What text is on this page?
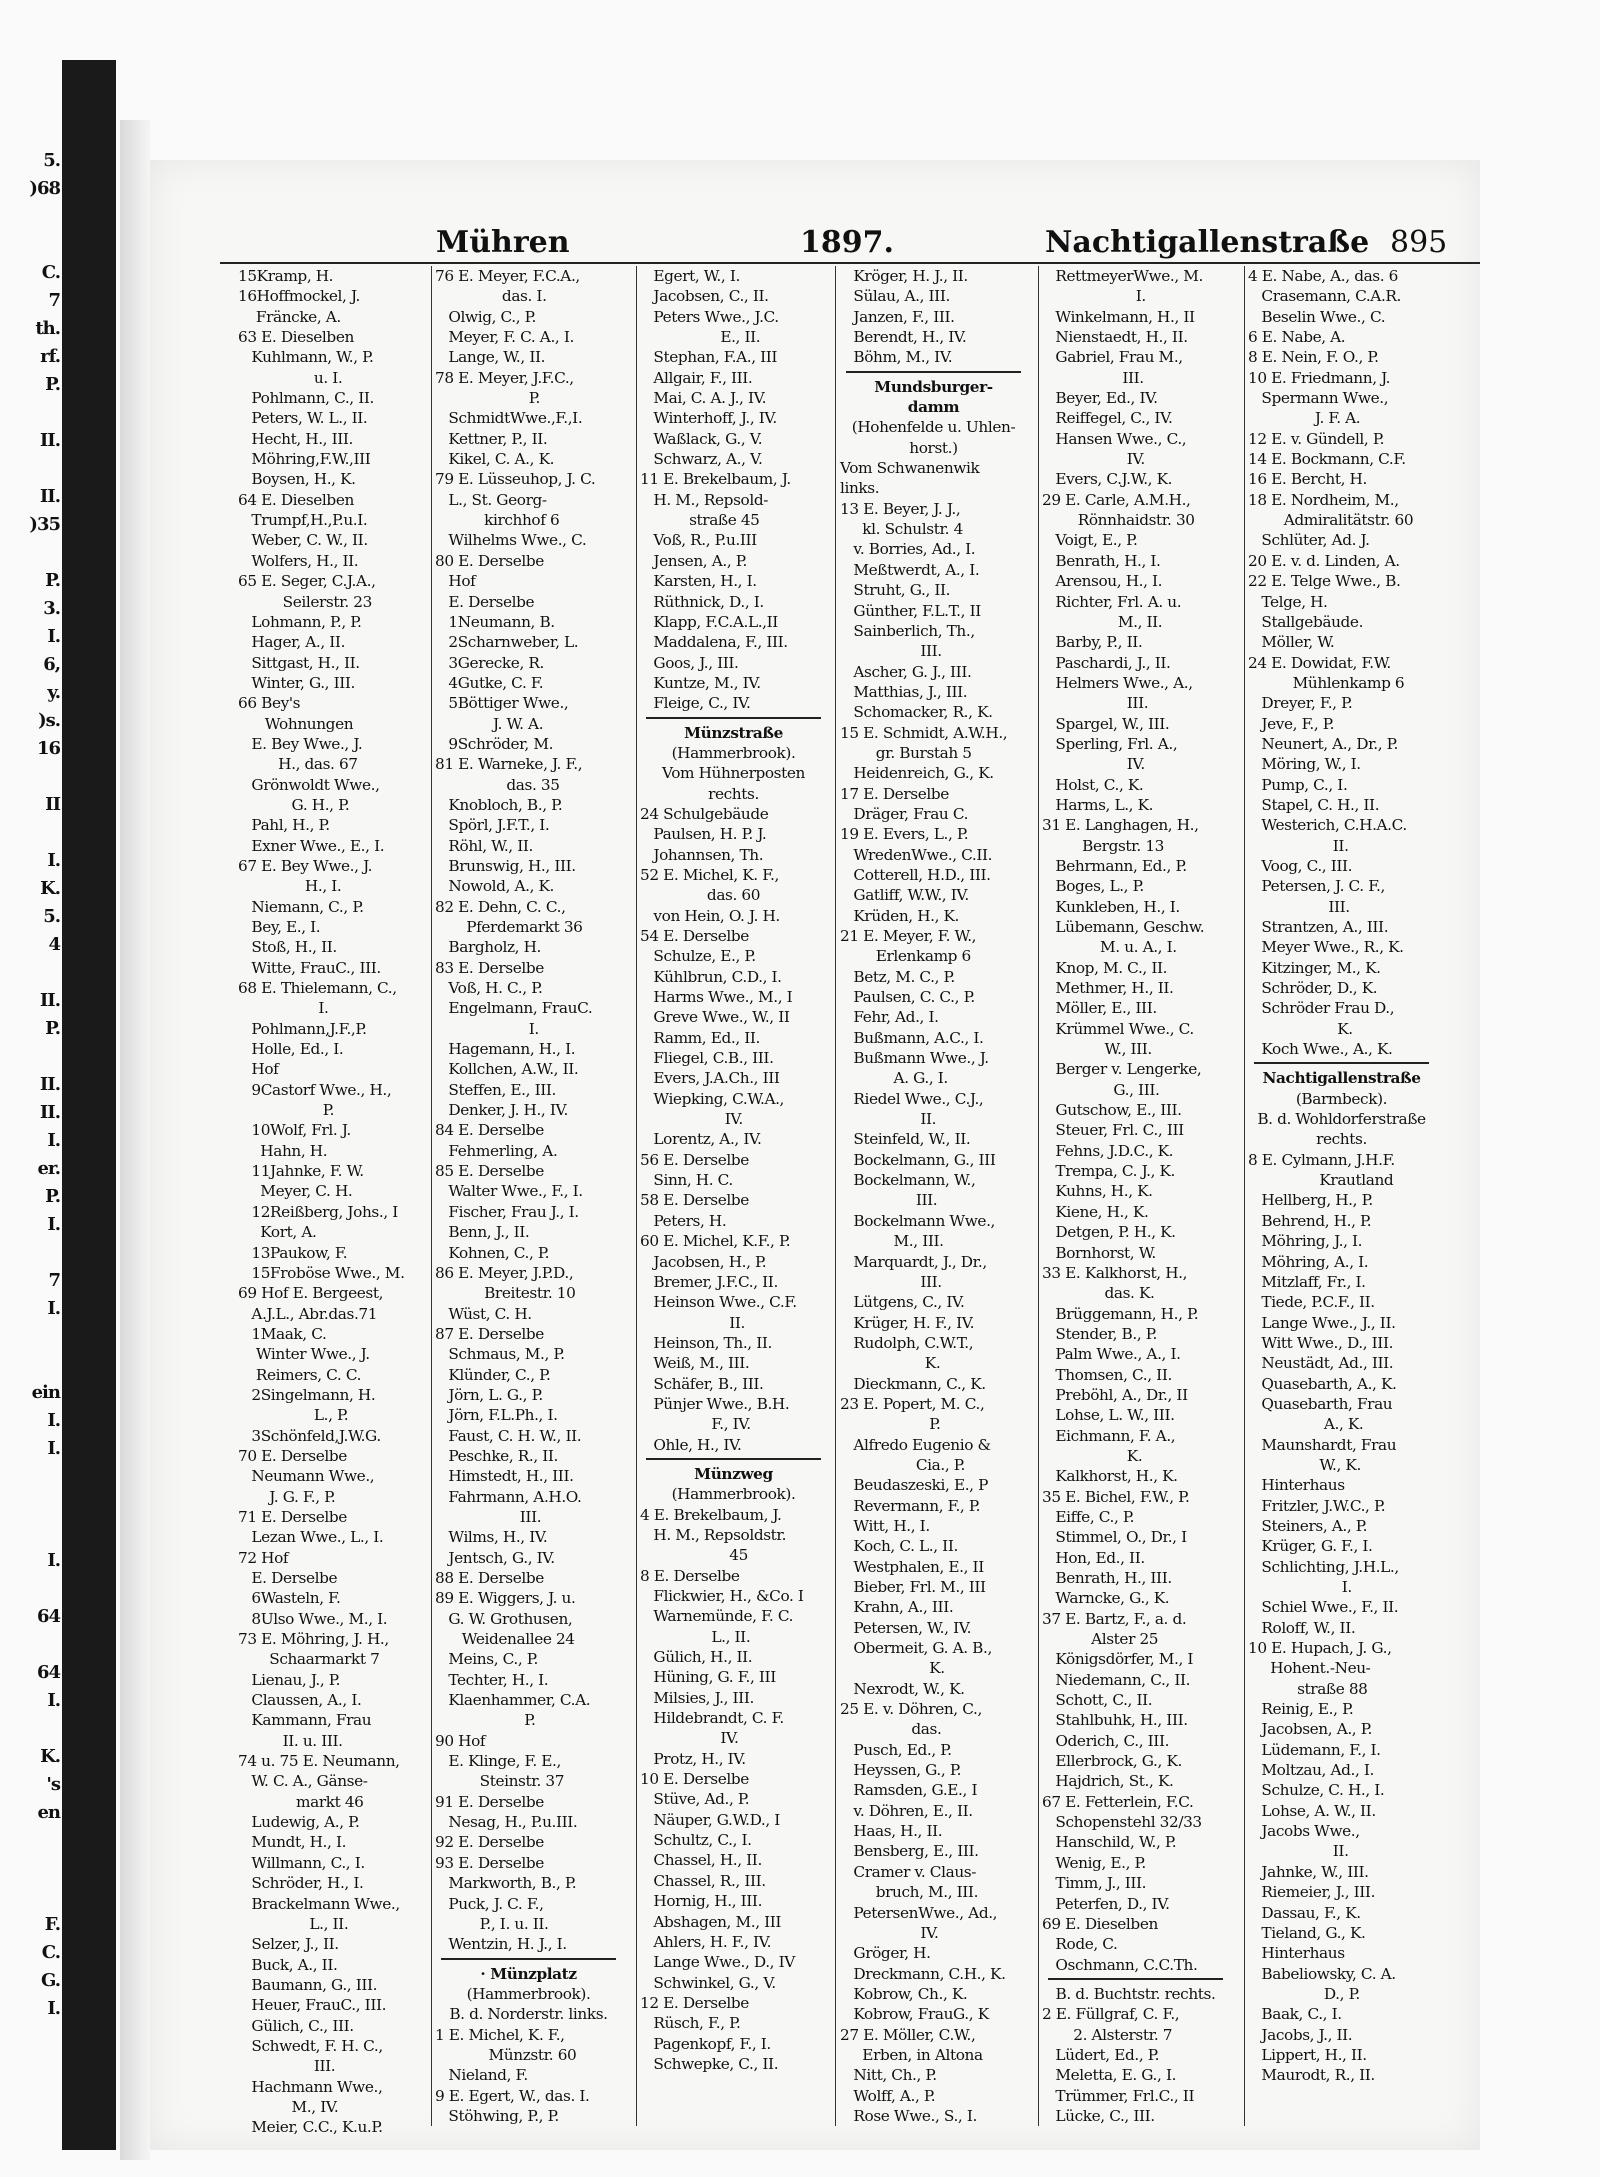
5.
)68
C.
7
th.
rf.
P.
II.
II.
)35
P.
3.
I.
6,
y.
)s.
16
II
I.
K.
5.
4
II.
P.
II.
II.
I.
er.
P.
I.
7
I.
ein
I.
I.
I.
64
64
I.
K.
's
en
F.
C.
G.
I.
Mühren	1897.	Nachtigallenstraße 895
15Kramp, H.
16Hoffmockel, J.
Fräncke, A.
63 E. Dieselben
Kuhlmann, W., P.
u. I.
Pohlmann, C., II.
Peters, W. L., II.
Hecht, H., III.
Möhring,F.W.,III
Boysen, H., K.
64 E. Dieselben
Trumpf,H.,P.u.I.
Weber, C. W., II.
Wolfers, H., II.
65 E. Seger, C.J.A.,
Seilerstr. 23
Lohmann, P., P.
Hager, A., II.
Sittgast, H., II.
Winter, G., III.
66 Bey's
Wohnungen
E. Bey Wwe., J.
H., das. 67
Grönwoldt Wwe.,
G. H., P.
Pahl, H., P.
Exner Wwe., E., I.
67 E. Bey Wwe., J.
H., I.
Niemann, C., P.
Bey, E., I.
Stoß, H., II.
Witte, FrauC., III.
68 E. Thielemann, C.,
I.
Pohlmann,J.F.,P.
Holle, Ed., I.
Hof
9Castorf Wwe., H.,
P.
10Wolf, Frl. J.
Hahn, H.
11Jahnke, F. W.
Meyer, C. H.
12Reißberg, Johs., I
Kort, A.
13Paukow, F.
15Froböse Wwe., M.
69 Hof E. Bergeest,
A.J.L., Abr.das.71
1Maak, C.
Winter Wwe., J.
Reimers, C. C.
2Singelmann, H.
L., P.
3Schönfeld,J.W.G.
70 E. Derselbe
Neumann Wwe.,
J. G. F., P.
71 E. Derselbe
Lezan Wwe., L., I.
72 Hof
E. Derselbe
6Wasteln, F.
8Ulso Wwe., M., I.
73 E. Möhring, J. H.,
Schaarmarkt 7
Lienau, J., P.
Claussen, A., I.
Kammann, Frau
II. u. III.
74 u. 75 E. Neumann,
W. C. A., Gänse-
markt 46
Ludewig, A., P.
Mundt, H., I.
Willmann, C., I.
Schröder, H., I.
Brackelmann Wwe.,
L., II.
Selzer, J., II.
Buck, A., II.
Baumann, G., III.
Heuer, FrauC., III.
Gülich, C., III.
Schwedt, F. H. C.,
III.
Hachmann Wwe.,
M., IV.
Meier, C.C., K.u.P.
76 E. Meyer, F.C.A.,
das. I.
Olwig, C., P.
Meyer, F. C. A., I.
Lange, W., II.
78 E. Meyer, J.F.C.,
P.
SchmidtWwe.,F.,I.
Kettner, P., II.
Kikel, C. A., K.
79 E. Lüsseuhop, J. C.
L., St. Georg-
kirchhof 6
Wilhelms Wwe., C.
80 E. Derselbe
Hof
E. Derselbe
1Neumann, B.
2Scharnweber, L.
3Gerecke, R.
4Gutke, C. F.
5Böttiger Wwe.,
J. W. A.
9Schröder, M.
81 E. Warneke, J. F.,
das. 35
Knobloch, B., P.
Spörl, J.F.T., I.
Röhl, W., II.
Brunswig, H., III.
Nowold, A., K.
82 E. Dehn, C. C.,
Pferdemarkt 36
Bargholz, H.
83 E. Derselbe
Voß, H. C., P.
Engelmann, FrauC.
I.
Hagemann, H., I.
Kollchen, A.W., II.
Steffen, E., III.
Denker, J. H., IV.
84 E. Derselbe
Fehmerling, A.
85 E. Derselbe
Walter Wwe., F., I.
Fischer, Frau J., I.
Benn, J., II.
Kohnen, C., P.
86 E. Meyer, J.P.D.,
Breitestr. 10
Wüst, C. H.
87 E. Derselbe
Schmaus, M., P.
Klünder, C., P.
Jörn, L. G., P.
Jörn, F.L.Ph., I.
Faust, C. H. W., II.
Peschke, R., II.
Himstedt, H., III.
Fahrmann, A.H.O.
III.
Wilms, H., IV.
Jentsch, G., IV.
88 E. Derselbe
89 E. Wiggers, J. u.
G. W. Grothusen,
Weidenallee 24
Meins, C., P.
Techter, H., I.
Klaenhammer, C.A.
P.
90 Hof
E. Klinge, F. E.,
Steinstr. 37
91 E. Derselbe
Nesag, H., P.u.III.
92 E. Derselbe
93 E. Derselbe
Markworth, B., P.
Puck, J. C. F.,
P., I. u. II.
Wentzin, H. J., I.
· Münzplatz
(Hammerbrook).
B. d. Norderstr. links.
1 E. Michel, K. F.,
Münzstr. 60
Nieland, F.
9 E. Egert, W., das. I.
Stöhwing, P., P.
Egert, W., I.
Jacobsen, C., II.
Peters Wwe., J.C.
E., II.
Stephan, F.A., III
Allgair, F., III.
Mai, C. A. J., IV.
Winterhoff, J., IV.
Waßlack, G., V.
Schwarz, A., V.
11 E. Brekelbaum, J.
H. M., Repsold-
straße 45
Voß, R., P.u.III
Jensen, A., P.
Karsten, H., I.
Rüthnick, D., I.
Klapp, F.C.A.L.,II
Maddalena, F., III.
Goos, J., III.
Kuntze, M., IV.
Fleige, C., IV.
Münzstraße
(Hammerbrook).
Vom Hühnerposten
rechts.
24 Schulgebäude
Paulsen, H. P. J.
Johannsen, Th.
52 E. Michel, K. F.,
das. 60
von Hein, O. J. H.
54 E. Derselbe
Schulze, E., P.
Kühlbrun, C.D., I.
Harms Wwe., M., I
Greve Wwe., W., II
Ramm, Ed., II.
Fliegel, C.B., III.
Evers, J.A.Ch., III
Wiepking, C.W.A.,
IV.
Lorentz, A., IV.
56 E. Derselbe
Sinn, H. C.
58 E. Derselbe
Peters, H.
60 E. Michel, K.F., P.
Jacobsen, H., P.
Bremer, J.F.C., II.
Heinson Wwe., C.F.
II.
Heinson, Th., II.
Weiß, M., III.
Schäfer, B., III.
Pünjer Wwe., B.H.
F., IV.
Ohle, H., IV.
Münzweg
(Hammerbrook).
4 E. Brekelbaum, J.
H. M., Repsoldstr.
45
8 E. Derselbe
Flickwier, H., &Co. I
Warnemünde, F. C.
L., II.
Gülich, H., II.
Hüning, G. F., III
Milsies, J., III.
Hildebrandt, C. F.
IV.
Protz, H., IV.
10 E. Derselbe
Stüve, Ad., P.
Näuper, G.W.D., I
Schultz, C., I.
Chassel, H., II.
Chassel, R., III.
Hornig, H., III.
Abshagen, M., III
Ahlers, H. F., IV.
Lange Wwe., D., IV
Schwinkel, G., V.
12 E. Derselbe
Rüsch, F., P.
Pagenkopf, F., I.
Schwepke, C., II.
Kröger, H. J., II.
Sülau, A., III.
Janzen, F., III.
Berendt, H., IV.
Böhm, M., IV.
Mundsburger-
damm
(Hohenfelde u. Uhlen-
horst.)
Vom Schwanenwik
links.
13 E. Beyer, J. J.,
kl. Schulstr. 4
v. Borries, Ad., I.
Meßtwerdt, A., I.
Struht, G., II.
Günther, F.L.T., II
Sainberlich, Th.,
III.
Ascher, G. J., III.
Matthias, J., III.
Schomacker, R., K.
15 E. Schmidt, A.W.H.,
gr. Burstah 5
Heidenreich, G., K.
17 E. Derselbe
Dräger, Frau C.
19 E. Evers, L., P.
WredenWwe., C.II.
Cotterell, H.D., III.
Gatliff, W.W., IV.
Krüden, H., K.
21 E. Meyer, F. W.,
Erlenkamp 6
Betz, M. C., P.
Paulsen, C. C., P.
Fehr, Ad., I.
Bußmann, A.C., I.
Bußmann Wwe., J.
A. G., I.
Riedel Wwe., C.J.,
II.
Steinfeld, W., II.
Bockelmann, G., III
Bockelmann, W.,
III.
Bockelmann Wwe.,
M., III.
Marquardt, J., Dr.,
III.
Lütgens, C., IV.
Krüger, H. F., IV.
Rudolph, C.W.T.,
K.
Dieckmann, C., K.
23 E. Popert, M. C.,
P.
Alfredo Eugenio &
Cia., P.
Beudaszeski, E., P
Revermann, F., P.
Witt, H., I.
Koch, C. L., II.
Westphalen, E., II
Bieber, Frl. M., III
Krahn, A., III.
Petersen, W., IV.
Obermeit, G. A. B.,
K.
Nexrodt, W., K.
25 E. v. Döhren, C.,
das.
Pusch, Ed., P.
Heyssen, G., P.
Ramsden, G.E., I
v. Döhren, E., II.
Haas, H., II.
Bensberg, E., III.
Cramer v. Claus-
bruch, M., III.
PetersenWwe., Ad.,
IV.
Gröger, H.
Dreckmann, C.H., K.
Kobrow, Ch., K.
Kobrow, FrauG., K
27 E. Möller, C.W.,
Erben, in Altona
Nitt, Ch., P.
Wolff, A., P.
Rose Wwe., S., I.
RettmeyerWwe., M.
I.
Winkelmann, H., II
Nienstaedt, H., II.
Gabriel, Frau M.,
III.
Beyer, Ed., IV.
Reiffegel, C., IV.
Hansen Wwe., C.,
IV.
Evers, C.J.W., K.
29 E. Carle, A.M.H.,
Rönnhaidstr. 30
Voigt, E., P.
Benrath, H., I.
Arensou, H., I.
Richter, Frl. A. u.
M., II.
Barby, P., II.
Paschardi, J., II.
Helmers Wwe., A.,
III.
Spargel, W., III.
Sperling, Frl. A.,
IV.
Holst, C., K.
Harms, L., K.
31 E. Langhagen, H.,
Bergstr. 13
Behrmann, Ed., P.
Boges, L., P.
Kunkleben, H., I.
Lübemann, Geschw.
M. u. A., I.
Knop, M. C., II.
Methmer, H., II.
Möller, E., III.
Krümmel Wwe., C.
W., III.
Berger v. Lengerke,
G., III.
Gutschow, E., III.
Steuer, Frl. C., III
Fehns, J.D.C., K.
Trempa, C. J., K.
Kuhns, H., K.
Kiene, H., K.
Detgen, P. H., K.
Bornhorst, W.
33 E. Kalkhorst, H.,
das. K.
Brüggemann, H., P.
Stender, B., P.
Palm Wwe., A., I.
Thomsen, C., II.
Preböhl, A., Dr., II
Lohse, L. W., III.
Eichmann, F. A.,
K.
Kalkhorst, H., K.
35 E. Bichel, F.W., P.
Eiffe, C., P.
Stimmel, O., Dr., I
Hon, Ed., II.
Benrath, H., III.
Warncke, G., K.
37 E. Bartz, F., a. d.
Alster 25
Königsdörfer, M., I
Niedemann, C., II.
Schott, C., II.
Stahlbuhk, H., III.
Oderich, C., III.
Ellerbrock, G., K.
Hajdrich, St., K.
67 E. Fetterlein, F.C.
Schopenstehl 32/33
Hanschild, W., P.
Wenig, E., P.
Timm, J., III.
Peterfen, D., IV.
69 E. Dieselben
Rode, C.
Oschmann, C.C.Th.
B. d. Buchtstr. rechts.
2 E. Füllgraf, C. F.,
2. Alsterstr. 7
Lüdert, Ed., P.
Meletta, E. G., I.
Trümmer, Frl.C., II
Lücke, C., III.
4 E. Nabe, A., das. 6
Crasemann, C.A.R.
Beselin Wwe., C.
6 E. Nabe, A.
8 E. Nein, F. O., P.
10 E. Friedmann, J.
Spermann Wwe.,
J. F. A.
12 E. v. Gündell, P.
14 E. Bockmann, C.F.
16 E. Bercht, H.
18 E. Nordheim, M.,
Admiralitätstr. 60
Schlüter, Ad. J.
20 E. v. d. Linden, A.
22 E. Telge Wwe., B.
Telge, H.
Stallgebäude.
Möller, W.
24 E. Dowidat, F.W.
Mühlenkamp 6
Dreyer, F., P.
Jeve, F., P.
Neunert, A., Dr., P.
Möring, W., I.
Pump, C., I.
Stapel, C. H., II.
Westerich, C.H.A.C.
II.
Voog, C., III.
Petersen, J. C. F.,
III.
Strantzen, A., III.
Meyer Wwe., R., K.
Kitzinger, M., K.
Schröder, D., K.
Schröder Frau D.,
K.
Koch Wwe., A., K.
Nachtigallenstraße
(Barmbeck).
B. d. Wohldorferstraße
rechts.
8 E. Cylmann, J.H.F.
Krautland
Hellberg, H., P.
Behrend, H., P.
Möhring, J., I.
Möhring, A., I.
Mitzlaff, Fr., I.
Tiede, P.C.F., II.
Lange Wwe., J., II.
Witt Wwe., D., III.
Neustädt, Ad., III.
Quasebarth, A., K.
Quasebarth, Frau
A., K.
Maunshardt, Frau
W., K.
Hinterhaus
Fritzler, J.W.C., P.
Steiners, A., P.
Krüger, G. F., I.
Schlichting, J.H.L.,
I.
Schiel Wwe., F., II.
Roloff, W., II.
10 E. Hupach, J. G.,
Hohent.-Neu-
straße 88
Reinig, E., P.
Jacobsen, A., P.
Lüdemann, F., I.
Moltzau, Ad., I.
Schulze, C. H., I.
Lohse, A. W., II.
Jacobs Wwe.,
II.
Jahnke, W., III.
Riemeier, J., III.
Dassau, F., K.
Tieland, G., K.
Hinterhaus
Babeliowsky, C. A.
D., P.
Baak, C., I.
Jacobs, J., II.
Lippert, H., II.
Maurodt, R., II.
